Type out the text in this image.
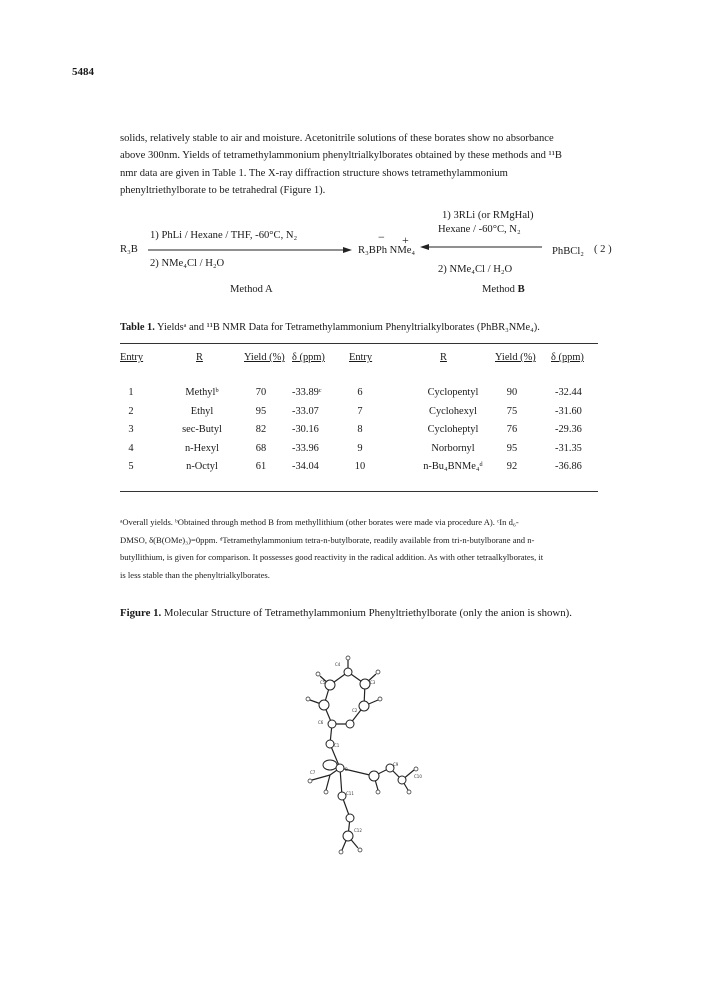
5484
solids, relatively stable to air and moisture. Acetonitrile solutions of these borates show no absorbance
above 300nm. Yields of tetramethylammonium phenyltrialkylborates obtained by these methods and ¹¹B
nmr data are given in Table 1. The X-ray diffraction structure shows tetramethylammonium
phenyltriethylborate to be tetrahedral (Figure 1).
R₃B
1) PhLi / Hexane / THF, -60°C, N₂
2) NMe₄Cl / H₂O
Method A
− +
R₃BPh NMe₄
1) 3RLi (or RMgHal)
Hexane / -60°C, N₂
PhBCl₂ ( 2 )
2) NMe₄Cl / H₂O
Method B
Table 1. Yieldsᵃ and ¹¹B NMR Data for Tetramethylammonium Phenyltrialkylborates (PhBR₃NMe₄).
Entry	R	Yield (%) δ (ppm) Entry	R	Yield (%) δ (ppm)
1	Methylᵇ	70	-33.89ᶜ	6	Cyclopentyl	90	-32.44
2	Ethyl	95	-33.07	7	Cyclohexyl	75	-31.60
3	sec-Butyl	82	-30.16	8	Cycloheptyl	76	-29.36
4	n-Hexyl	68	-33.96	9	Norbornyl	95	-31.35
5	n-Octyl	61	-34.04	10	n-Bu₄BNMe₄ᵈ	92	-36.86
ᵃOverall yields. ᵇObtained through method B from methyllithium (other borates were made via procedure A). ᶜIn d₆-
DMSO, δ(B(OMe)₃)=0ppm. ᵈTetramethylammonium tetra-n-butylborate, readily available from tri-n-butylborane and n-
butyllithium, is given for comparison. It possesses good reactivity in the radical addition. As with other tetraalkylborates, it
is less stable than the phenyltrialkylborates.
Figure 1. Molecular Structure of Tetramethylammonium Phenyltriethylborate (only the anion is shown).
C4
C3
C5
C2
C6
C1
B
C9
C10
C7
C11
C12
